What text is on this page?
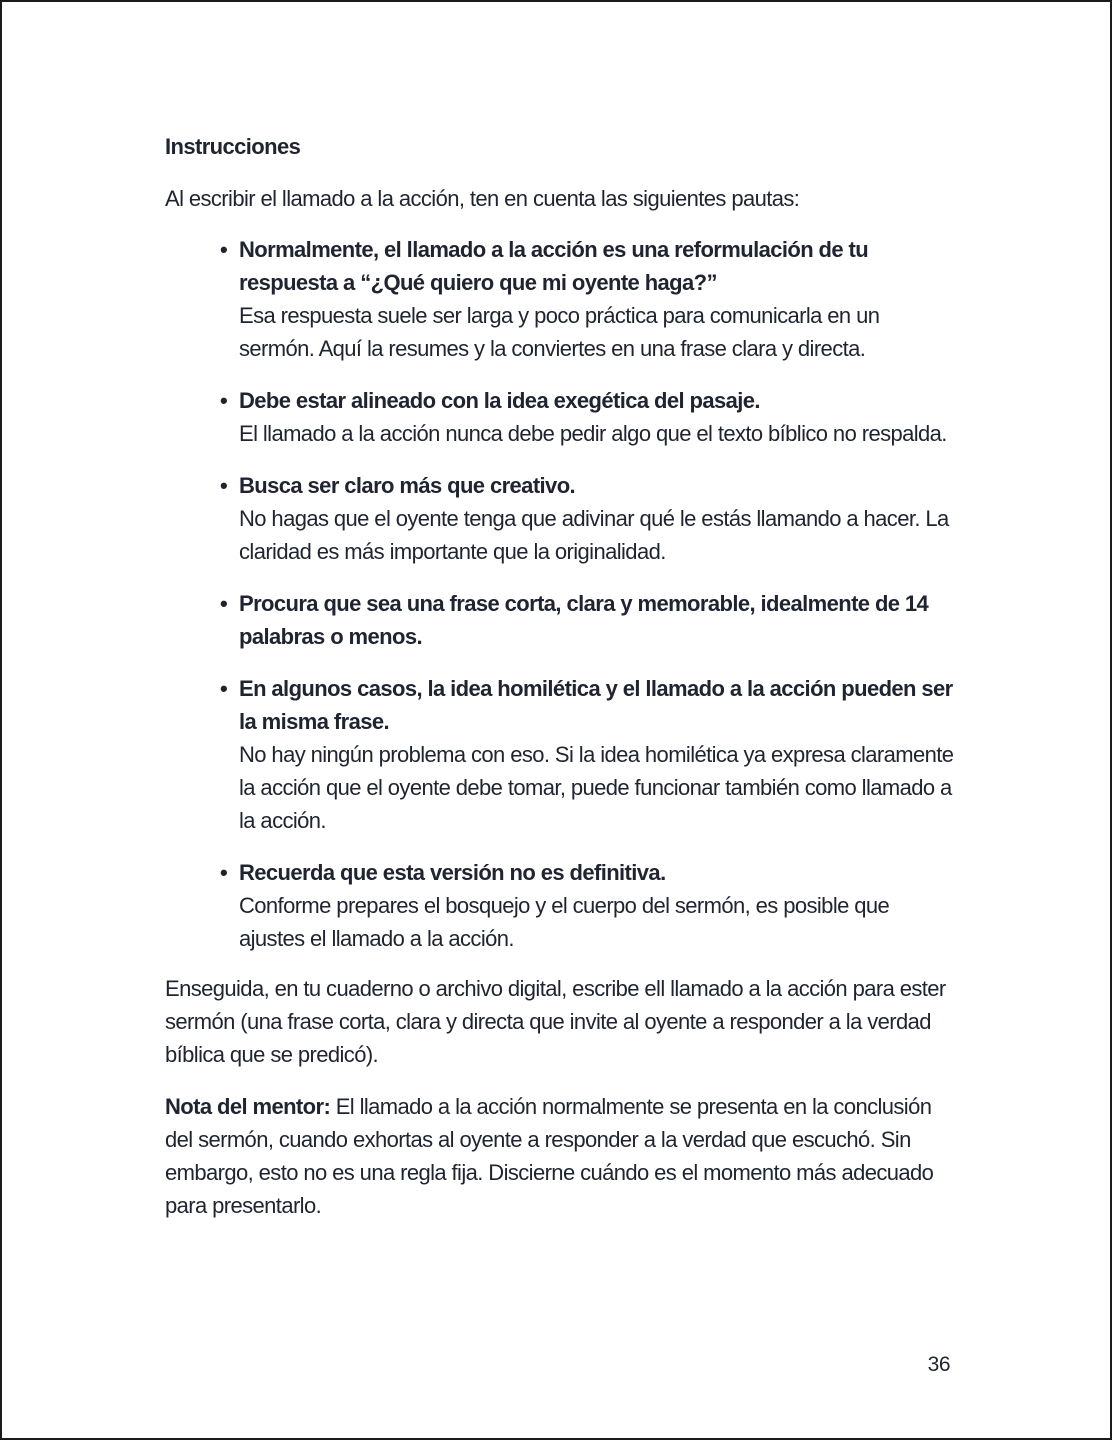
Instrucciones
Al escribir el llamado a la acción, ten en cuenta las siguientes pautas:
• Normalmente, el llamado a la acción es una reformulación de tu respuesta a “¿Qué quiero que mi oyente haga?”
Esa respuesta suele ser larga y poco práctica para comunicarla en un sermón. Aquí la resumes y la conviertes en una frase clara y directa.
• Debe estar alineado con la idea exegética del pasaje.
El llamado a la acción nunca debe pedir algo que el texto bíblico no respalda.
• Busca ser claro más que creativo.
No hagas que el oyente tenga que adivinar qué le estás llamando a hacer. La claridad es más importante que la originalidad.
• Procura que sea una frase corta, clara y memorable, idealmente de 14 palabras o menos.
• En algunos casos, la idea homilética y el llamado a la acción pueden ser la misma frase.
No hay ningún problema con eso. Si la idea homilética ya expresa claramente la acción que el oyente debe tomar, puede funcionar también como llamado a la acción.
• Recuerda que esta versión no es definitiva.
Conforme prepares el bosquejo y el cuerpo del sermón, es posible que ajustes el llamado a la acción.
Enseguida, en tu cuaderno o archivo digital, escribe ell llamado a la acción para ester sermón (una frase corta, clara y directa que invite al oyente a responder a la verdad bíblica que se predicó).
Nota del mentor: El llamado a la acción normalmente se presenta en la conclusión del sermón, cuando exhortas al oyente a responder a la verdad que escuchó. Sin embargo, esto no es una regla fija. Discierne cuándo es el momento más adecuado para presentarlo.
36
